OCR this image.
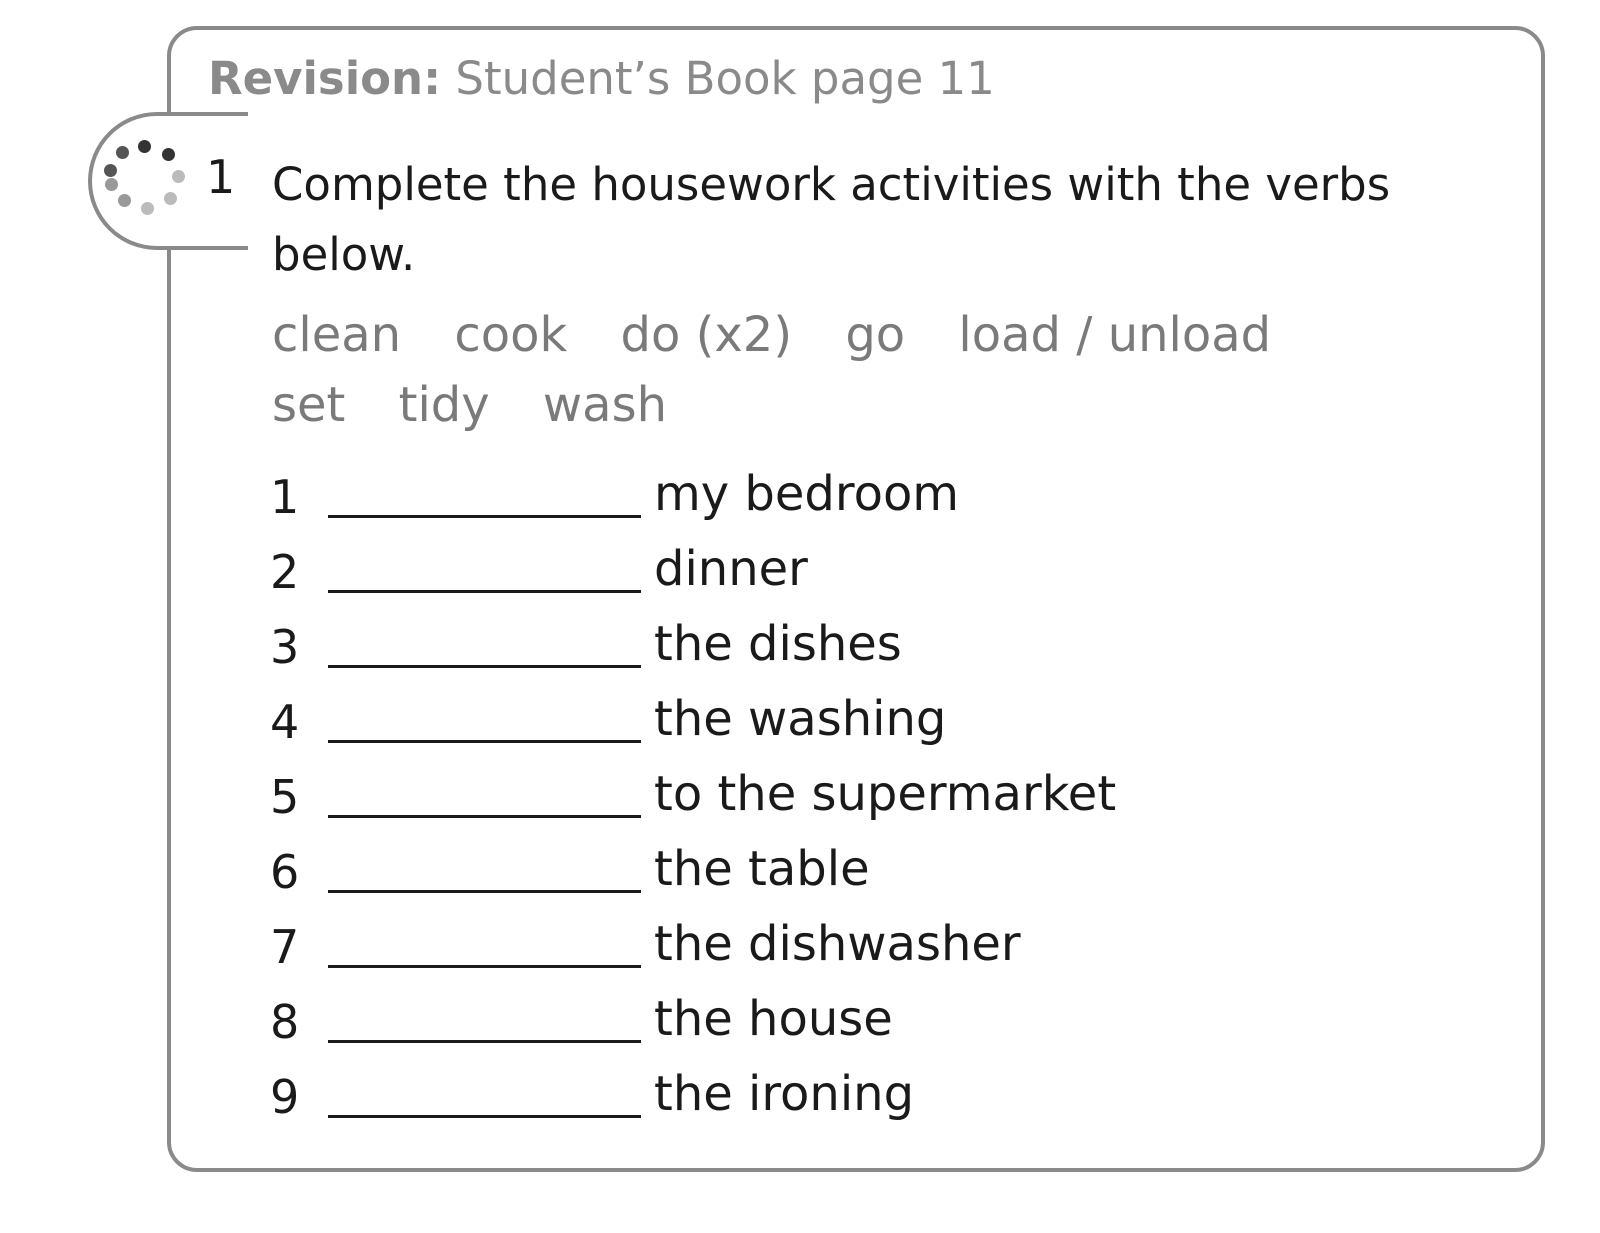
Revision: Student’s Book page 11
1 Complete the housework activities with the verbs below.
clean cook do (x2) go load / unload
set tidy wash
1	my bedroom
2	dinner
3	the dishes
4	the washing
5	to the supermarket
6	the table
7	the dishwasher
8	the house
9	the ironing
